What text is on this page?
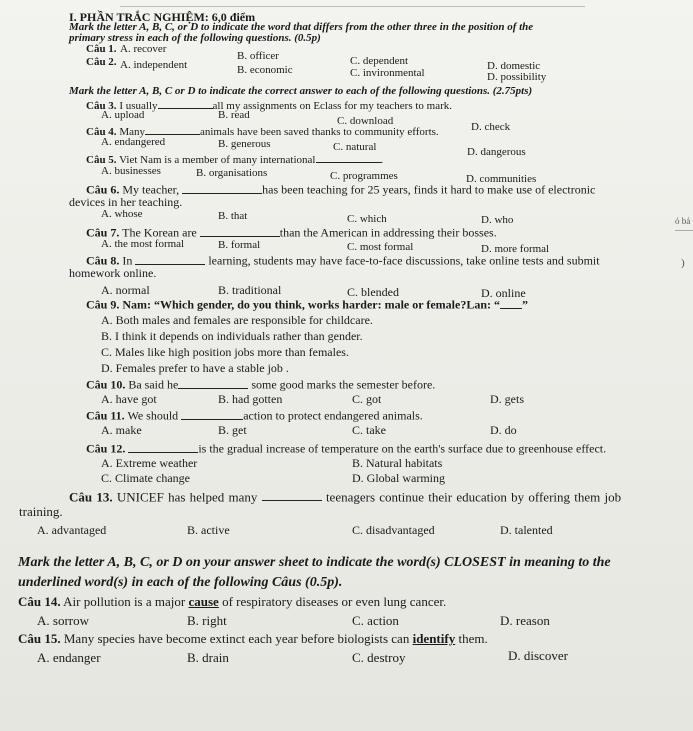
I. PHẦN TRẮC NGHIỆM: 6,0 điểm
Mark the letter A, B, C, or D to indicate the word that differs from the other three in the position of the
primary stress in each of the following questions. (0.5p)
Câu 1. A. recover
B. officer	C. dependent	D. domestic
Câu 2. A. independent	B. economic	C. invironmental	D. possibility
Mark the letter A, B, C or D to indicate the correct answer to each of the following questions. (2.75pts)
Câu 3. I usually	all my assignments on Eclass for my teachers to mark.
A. upload	B. read	C. download	D. check
Câu 4. Many	animals have been saved thanks to community efforts.
A. endangered	B. generous	C. natural	D. dangerous
Câu 5. Viet Nam is a member of many international	.
A. businesses	B. organisations	C. programmes	D. communities
Câu 6. My teacher,	has been teaching for 25 years, finds it hard to make use of electronic
devices in her teaching.
A. whose	B. that	C. which	D. who
Câu 7. The Korean are	than the American in addressing their bosses.
A. the most formal	B. formal	C. most formal	D. more formal
Câu 8. In	learning, students may have face-to-face discussions, take online tests and submit
homework online.
A. normal	B. traditional	C. blended	D. online
Câu 9. Nam: “Which gender, do you think, works harder: male or female?Lan: “ ”
A. Both males and females are responsible for childcare.
B. I think it depends on individuals rather than gender.
C. Males like high position jobs more than females.
D. Females prefer to have a stable job .
Câu 10. Ba said he	some good marks the semester before.
A. have got	B. had gotten	C. got	D. gets
Câu 11. We should	action to protect endangered animals.
A. make	B. get	C. take	D. do
Câu 12.	is the gradual increase of temperature on the earth's surface due to greenhouse effect.
A. Extreme weather	B. Natural habitats
C. Climate change	D. Global warming
Câu 13. UNICEF has helped many	teenagers continue their education by offering them job
training.
A. advantaged	B. active	C. disadvantaged	D. talented
Mark the letter A, B, C, or D on your answer sheet to indicate the word(s) CLOSEST in meaning to the
underlined word(s) in each of the following Câus (0.5p).
Câu 14. Air pollution is a major cause of respiratory diseases or even lung cancer.
A. sorrow	B. right	C. action	D. reason
Câu 15. Many species have become extinct each year before biologists can identify them.
A. endanger	B. drain	C. destroy	D. discover
ó bá
)
